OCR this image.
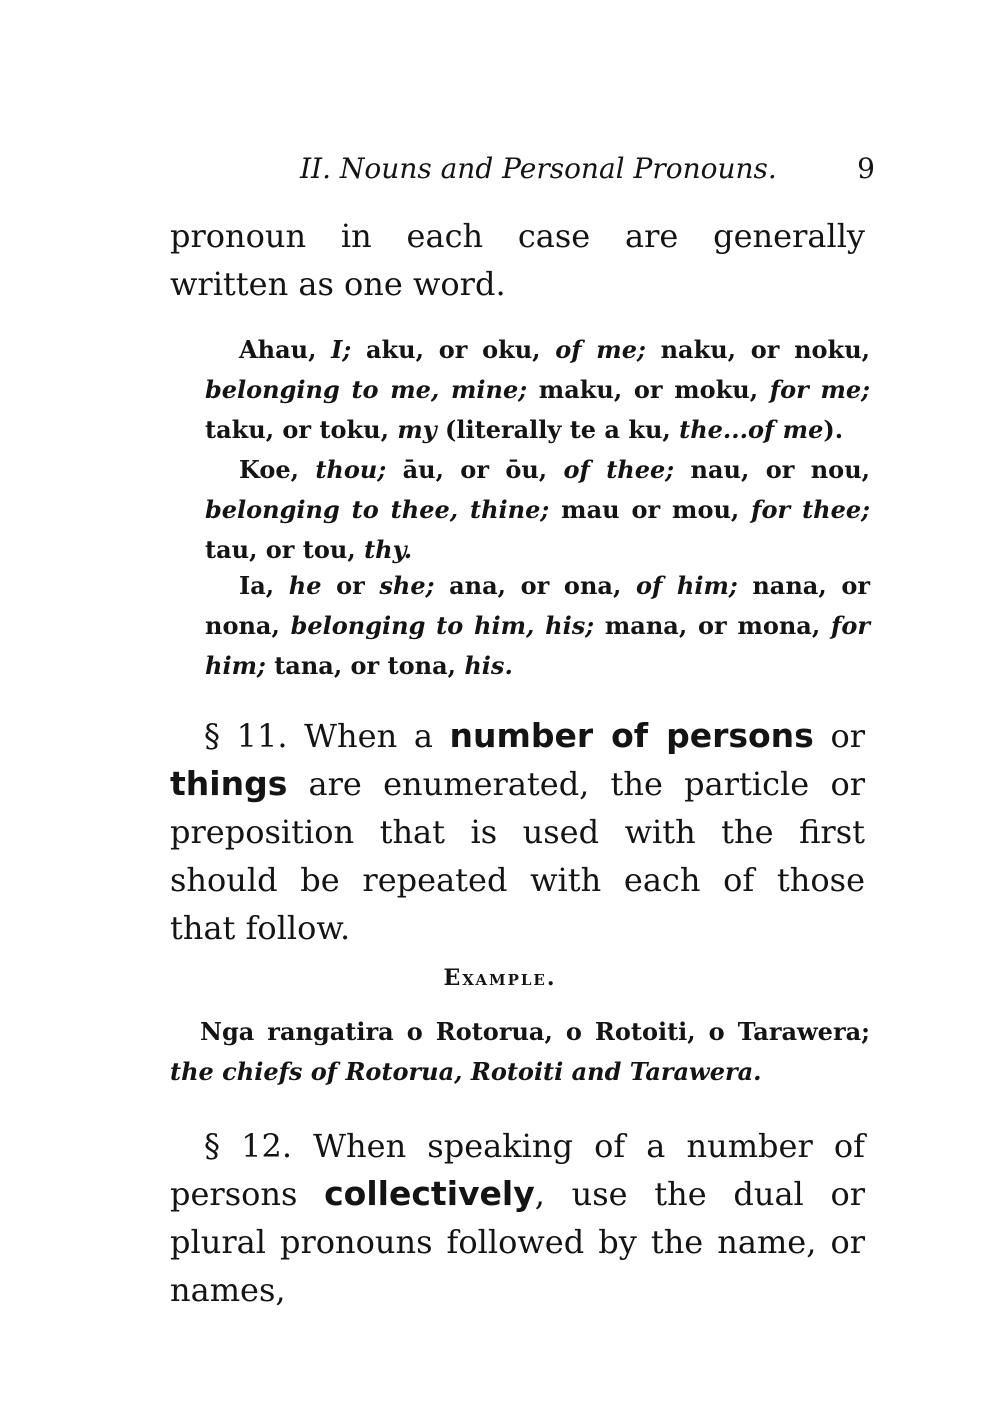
II. Nouns and Personal Pronouns.	9

pronoun in each case are generally written as one word.

Ahau, I; aku, or oku, of me; naku, or noku, belonging to me, mine; maku, or moku, for me; taku, or toku, my (literally te a ku, the...of me).

Koe, thou; āu, or ōu, of thee; nau, or nou, belonging to thee, thine; mau or mou, for thee; tau, or tou, thy.

Ia, he or she; ana, or ona, of him; nana, or nona, belonging to him, his; mana, or mona, for him; tana, or tona, his.

§ 11. When a number of persons or things are enumerated, the particle or preposition that is used with the first should be repeated with each of those that follow.

Example.

Nga rangatira o Rotorua, o Rotoiti, o Tarawera; the chiefs of Rotorua, Rotoiti and Tarawera.

§ 12. When speaking of a number of persons collectively, use the dual or plural pronouns followed by the name, or names,
